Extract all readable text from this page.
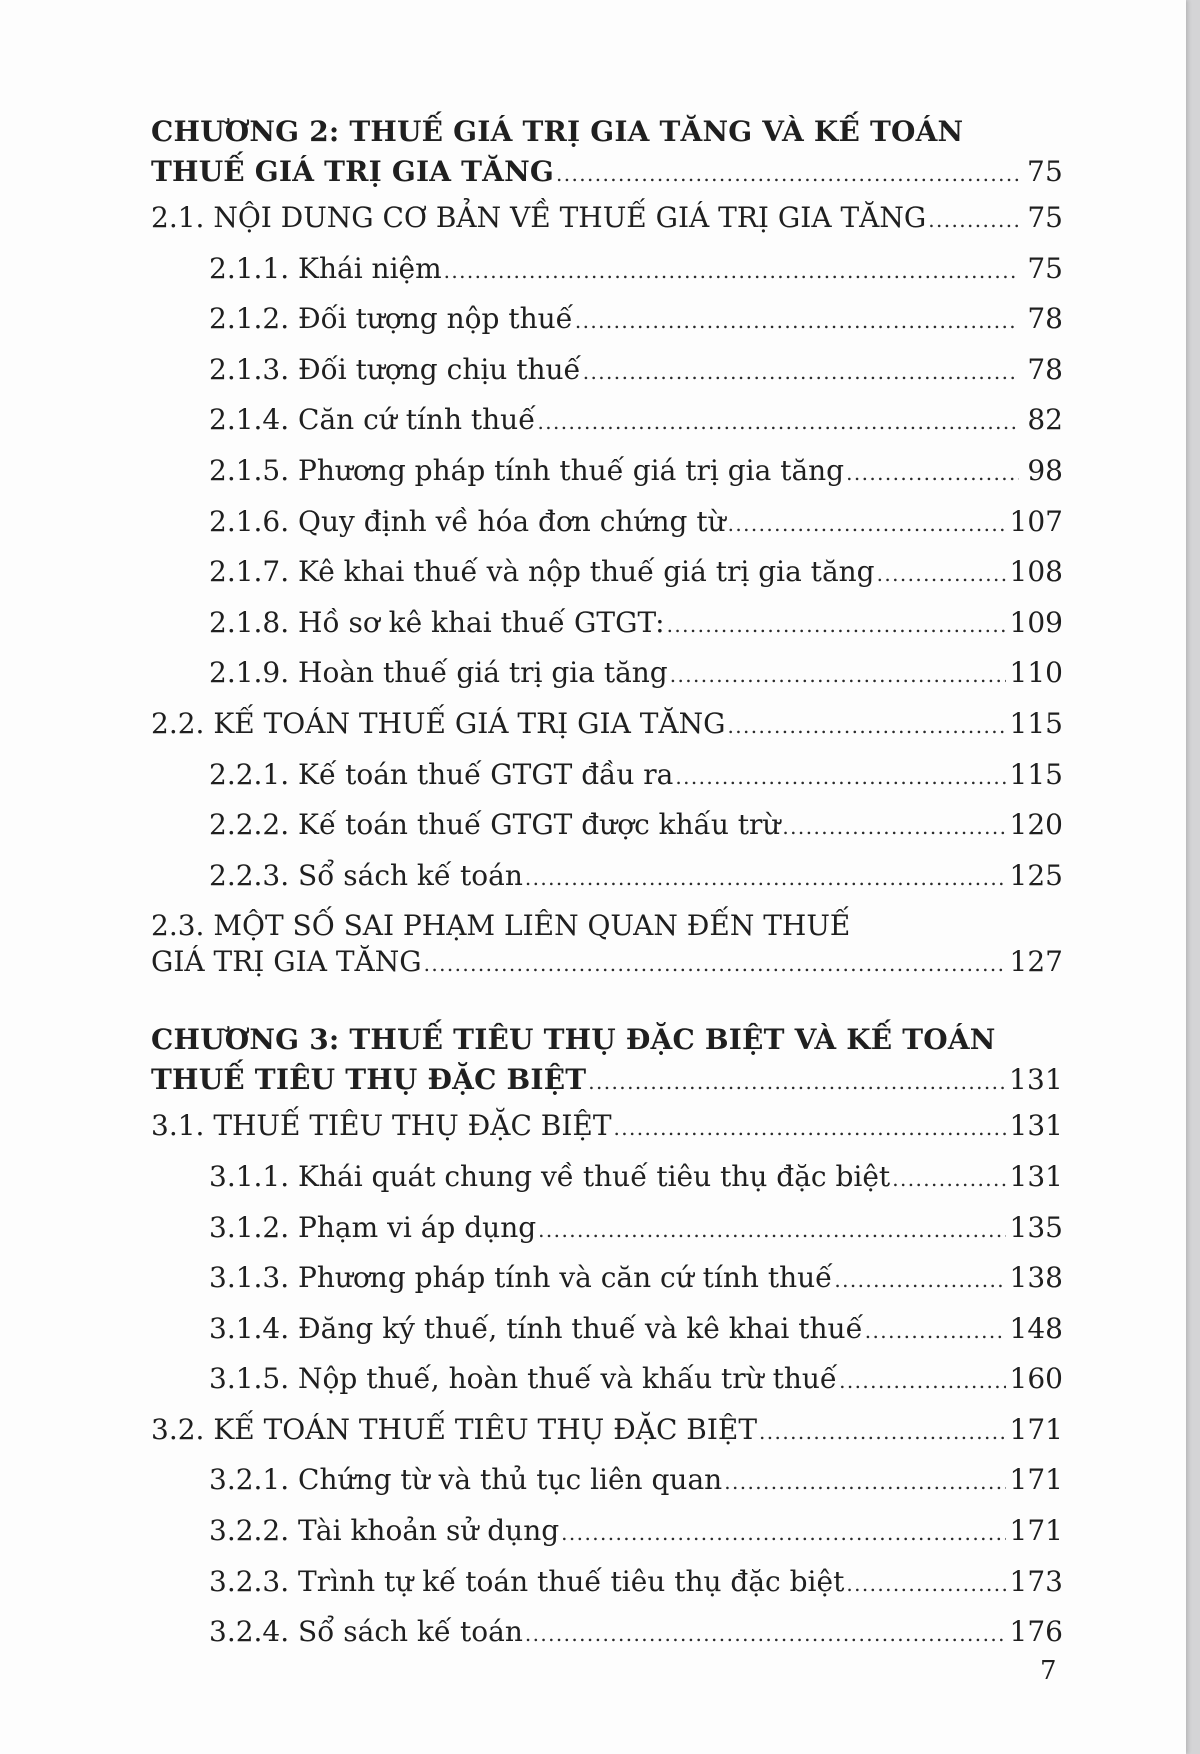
CHƯƠNG 2: THUẾ GIÁ TRỊ GIA TĂNG VÀ KẾ TOÁN
THUẾ GIÁ TRỊ GIA TĂNG .....	75
2.1. NỘI DUNG CƠ BẢN VỀ THUẾ GIÁ TRỊ GIA TĂNG .....	75
2.1.1. Khái niệm .....	75
2.1.2. Đối tượng nộp thuế .....	78
2.1.3. Đối tượng chịu thuế .....	78
2.1.4. Căn cứ tính thuế .....	82
2.1.5. Phương pháp tính thuế giá trị gia tăng .....	98
2.1.6. Quy định về hóa đơn chứng từ .....	107
2.1.7. Kê khai thuế và nộp thuế giá trị gia tăng .....	108
2.1.8. Hồ sơ kê khai thuế GTGT: .....	109
2.1.9. Hoàn thuế giá trị gia tăng .....	110
2.2. KẾ TOÁN THUẾ GIÁ TRỊ GIA TĂNG .....	115
2.2.1. Kế toán thuế GTGT đầu ra .....	115
2.2.2. Kế toán thuế GTGT được khấu trừ .....	120
2.2.3. Sổ sách kế toán .....	125
2.3. MỘT SỐ SAI PHẠM LIÊN QUAN ĐẾN THUẾ
GIÁ TRỊ GIA TĂNG .....	127
CHƯƠNG 3: THUẾ TIÊU THỤ ĐẶC BIỆT VÀ KẾ TOÁN
THUẾ TIÊU THỤ ĐẶC BIỆT .....	131
3.1. THUẾ TIÊU THỤ ĐẶC BIỆT .....	131
3.1.1. Khái quát chung về thuế tiêu thụ đặc biệt .....	131
3.1.2. Phạm vi áp dụng .....	135
3.1.3. Phương pháp tính và căn cứ tính thuế .....	138
3.1.4. Đăng ký thuế, tính thuế và kê khai thuế .....	148
3.1.5. Nộp thuế, hoàn thuế và khấu trừ thuế .....	160
3.2. KẾ TOÁN THUẾ TIÊU THỤ ĐẶC BIỆT .....	171
3.2.1. Chứng từ và thủ tục liên quan .....	171
3.2.2. Tài khoản sử dụng .....	171
3.2.3. Trình tự kế toán thuế tiêu thụ đặc biệt .....	173
3.2.4. Sổ sách kế toán .....	176
7
